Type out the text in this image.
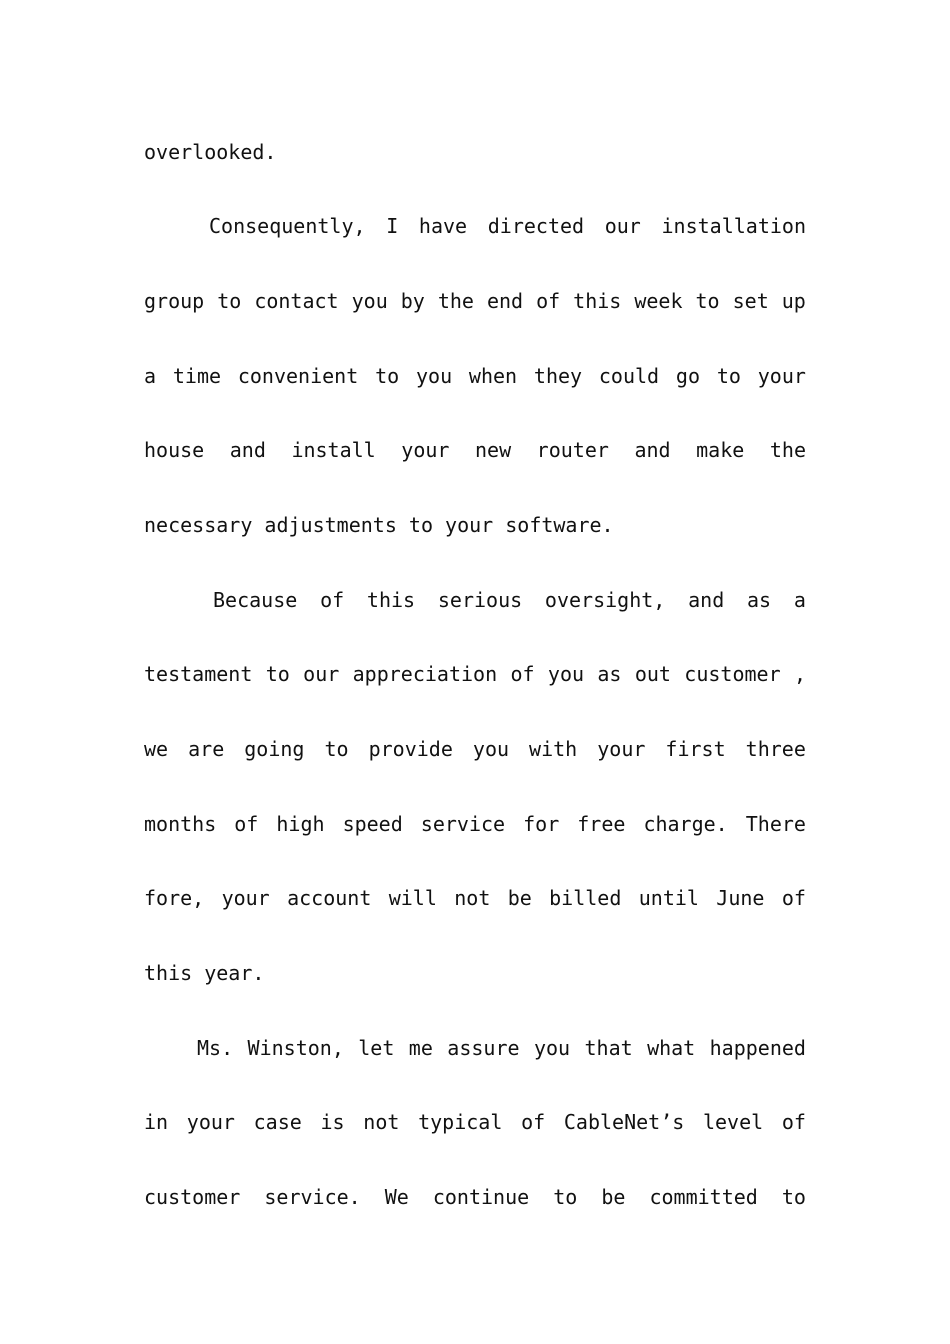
overlooked.
Consequently, I have directed our installation
group to contact you by the end of this week to set up
a time convenient to you when they could go to your
house and install your new router and make the
necessary adjustments to your software.
Because of this serious oversight, and as a
testament to our appreciation of you as out customer ,
we are going to provide you with your first three
months of high speed service for free charge. There
fore, your account will not be billed until June of
this year.
Ms. Winston, let me assure you that what happened
in your case is not typical of CableNet’s level of
customer service. We continue to be committed to
